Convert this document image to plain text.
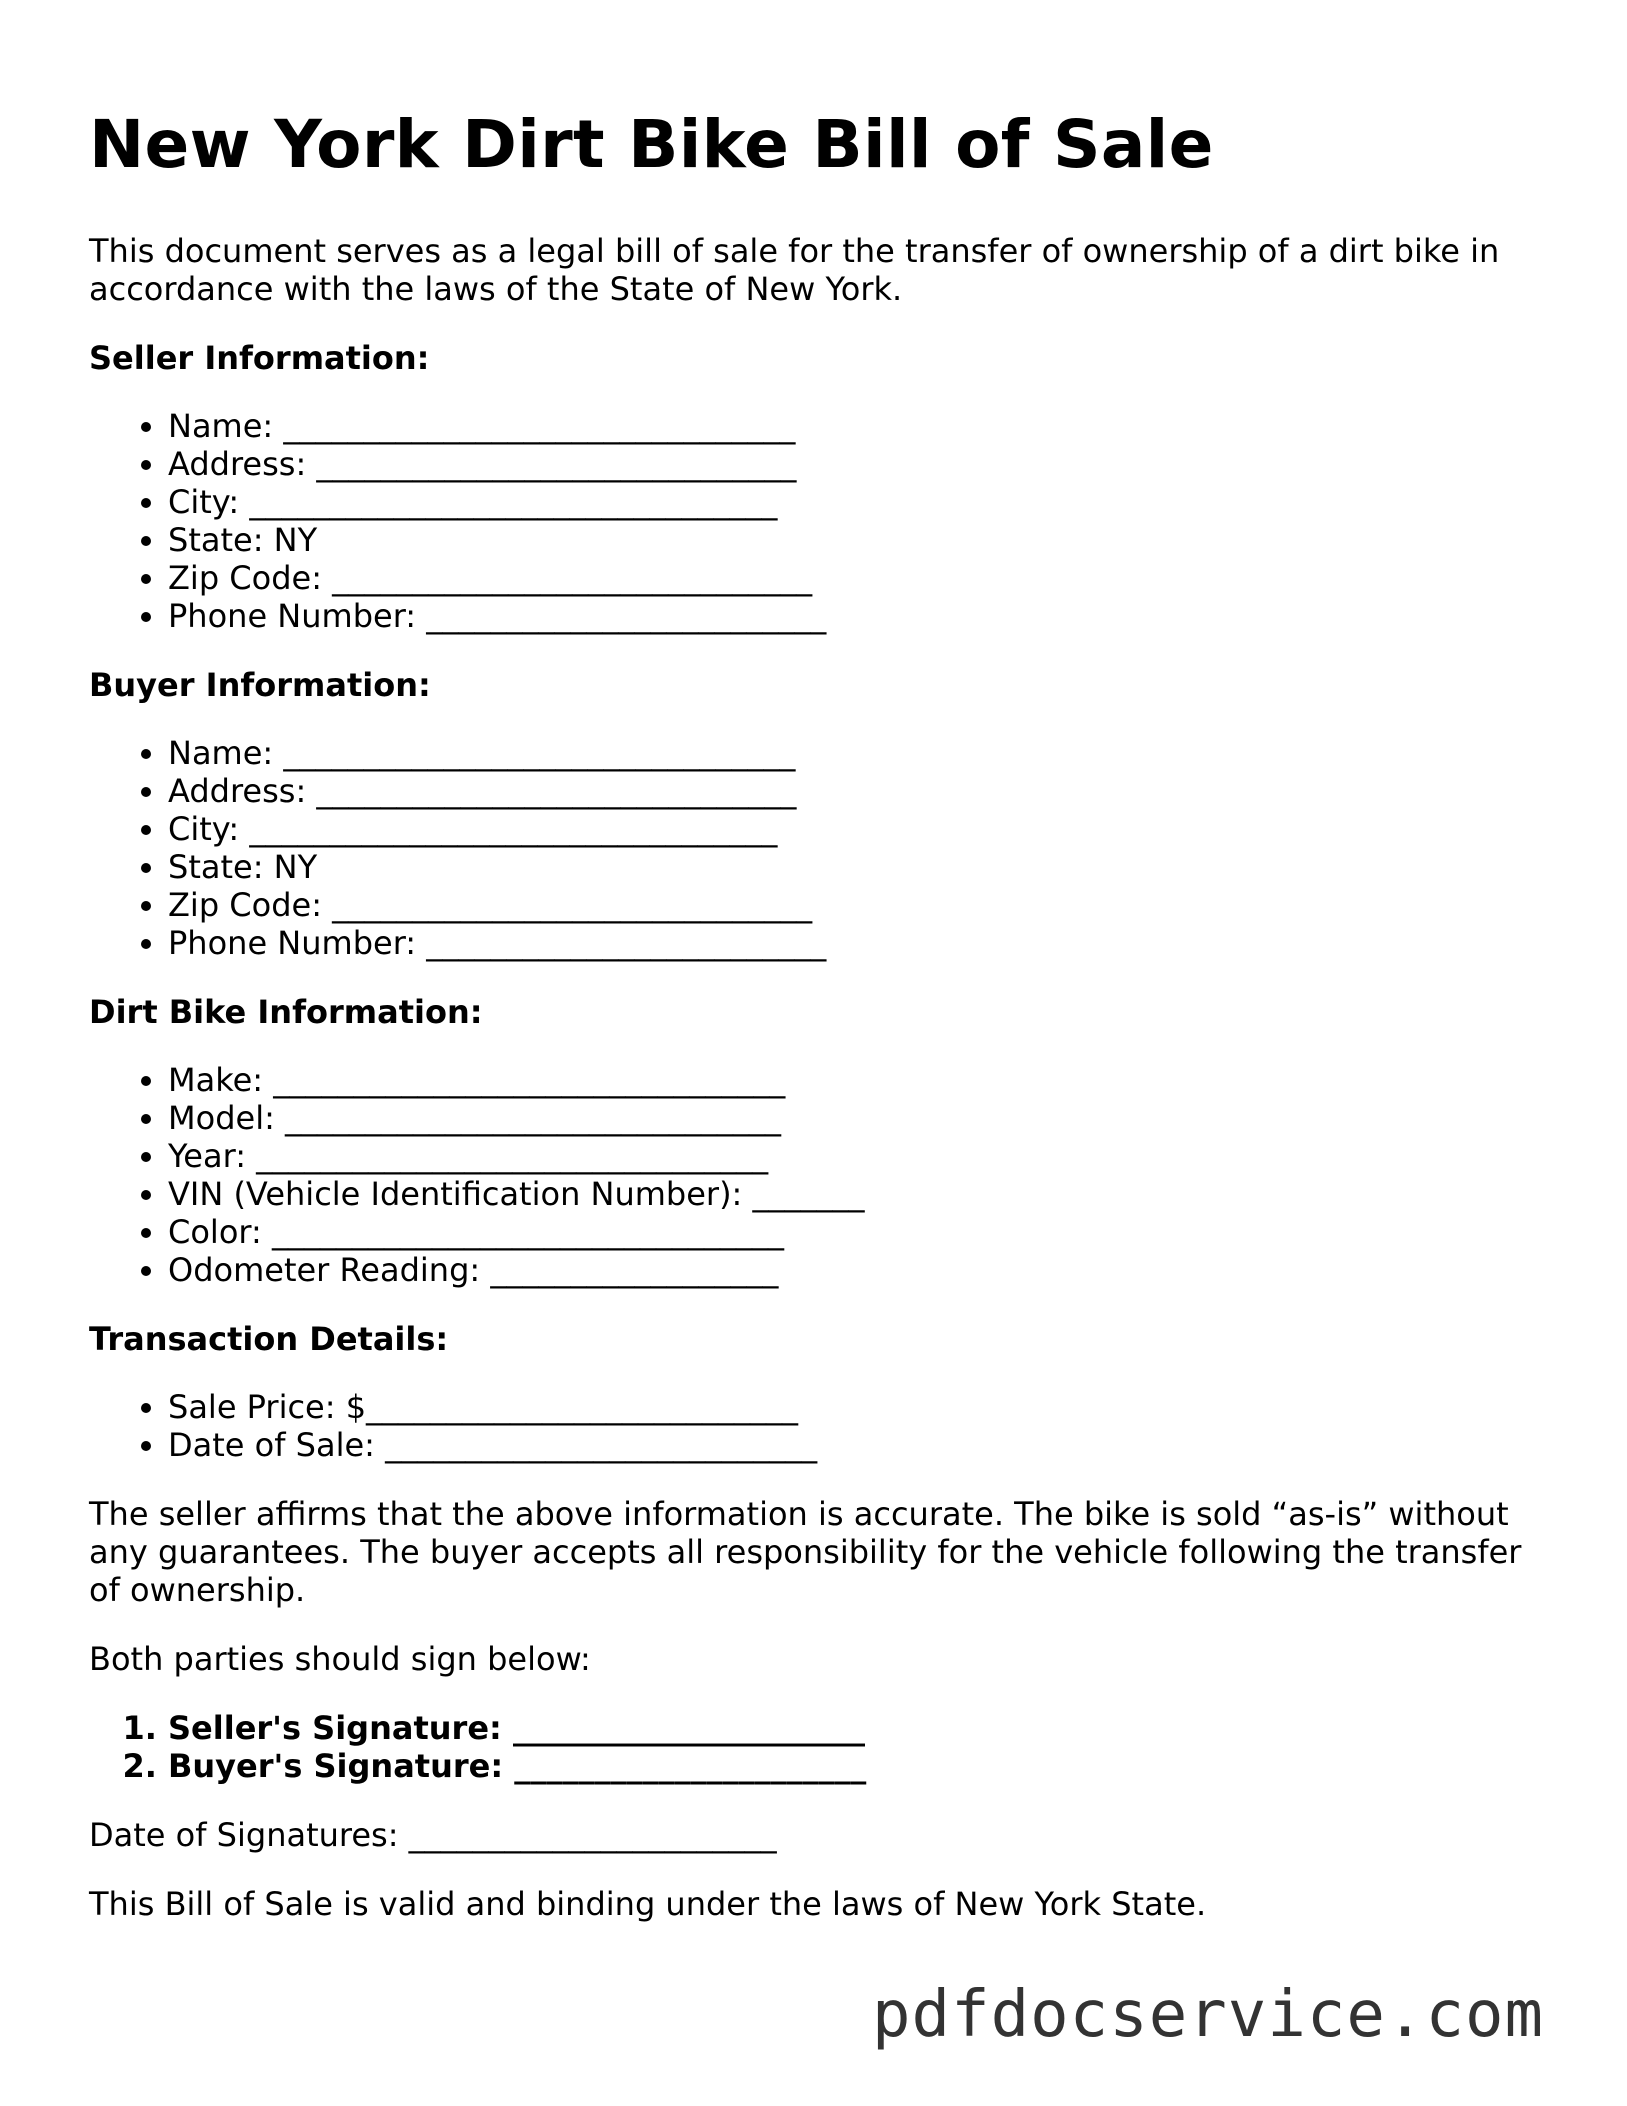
New York Dirt Bike Bill of Sale

This document serves as a legal bill of sale for the transfer of ownership of a dirt bike in accordance with the laws of the State of New York.

Seller Information:

• Name: ________________________________
• Address: ______________________________
• City: _________________________________
• State: NY
• Zip Code: ______________________________
• Phone Number: _________________________

Buyer Information:

• Name: ________________________________
• Address: ______________________________
• City: _________________________________
• State: NY
• Zip Code: ______________________________
• Phone Number: _________________________

Dirt Bike Information:

• Make: ________________________________
• Model: _______________________________
• Year: ________________________________
• VIN (Vehicle Identification Number): _______
• Color: ________________________________
• Odometer Reading: __________________

Transaction Details:

• Sale Price: $___________________________
• Date of Sale: ___________________________

The seller affirms that the above information is accurate. The bike is sold “as-is” without any guarantees. The buyer accepts all responsibility for the vehicle following the transfer of ownership.

Both parties should sign below:

1. Seller's Signature: ______________________
2. Buyer's Signature: ______________________

Date of Signatures: _______________________

This Bill of Sale is valid and binding under the laws of New York State.

pdfdocservice.com
